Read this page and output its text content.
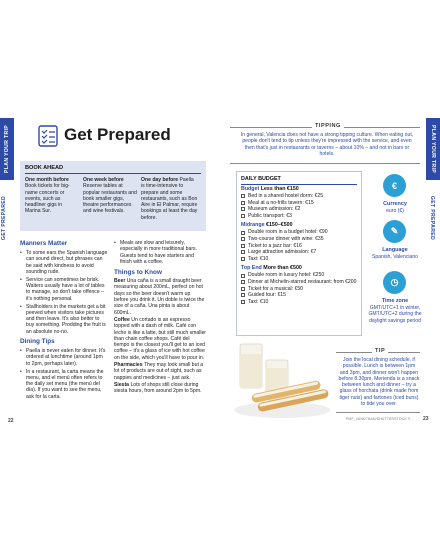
PLAN YOUR TRIP
GET PREPARED
Get Prepared
BOOK AHEAD
One month before
Book tickets for big-name concerts or events, such as headliner gigs in Marina Sur.
One week before
Reserve tables at popular restaurants and book smaller gigs, theatre performances and wine festivals.
One day before Paella
is time-intensive to prepare and some restaurants, such as Bon Aire in El Palmar, require bookings at least the day before.
Manners Matter
• To some ears the Spanish language can sound direct, but phrases can be said with kindness to avoid sounding rude.
• Service can sometimes be brisk. Waiters usually have a lot of tables to manage, so don't take offence – it's nothing personal.
• Stallholders in the markets get a bit peeved when visitors take pictures and then leave. It's also better to buy something. Prodding the fruit is an absolute no-no.
Dining Tips
• Paella is never eaten for dinner. It's ordered at lunchtime (around 1pm to 2pm, perhaps later).
• In a restaurant, la carta means the menu, and el menú often refers to the daily set menu (the menú del día). If you want to see the menu, ask for la carta.
• Meals are slow and leisurely, especially in more traditional bars. Guests tend to have starters and finish with a coffee.
Things to Know
Beer Una caña is a small draught beer measuring about 200mL, perfect on hot days so the beer doesn't warm up before you drink it. Un doble is twice the size of a caña. Una pinta is about 600mL.
Coffee Un cortado is an espresso topped with a dash of milk. Café con leche is like a latte, but still much smaller than chain coffee shops. Café del tiempo is the closest you'll get to an iced coffee – it's a glass of ice with hot coffee on the side, which you'll have to pour in.
Pharmacies They may look small but a lot of products are out of sight, such as nappies and medicines – just ask.
Siesta Lots of shops still close during siesta hours, from around 2pm to 5pm.
22
PLAN YOUR TRIP
GET PREPARED
TIPPING
In general, Valencia does not have a strong tipping culture. When eating out, people don't tend to tip unless they're impressed with the service, and even then that's just in restaurants or taverns – about 10% – and not in bars or hotels.
DAILY BUDGET
Budget Less than €150
Bed in a shared hostel dorm: €25
Meal at a no-frills tavern: €15
Museum admission: €2
Public transport: €3
Midrange €150–€500
Double room in a budget hotel: €90
Two-course dinner with wine: €35
Ticket to a jazz bar: €16
Large attraction admission: €7
Taxi: €10
Top End More than €500
Double room in luxury hotel: €250
Dinner at Michelin-starred restaurant: from €200
Ticket for a musical: €50
Guided tour: €15
Taxi: €10
€
Currency
euro (€)
✎
Language
Spanish, Valenciano
◷
Time zone
GMT/UTC+1 in winter, GMT/UTC+2 during the daylight savings period
TIP
Join the local dining schedule, if possible. Lunch is between 1pm and 3pm, and dinner won't happen before 8.30pm. Merienda is a snack between lunch and dinner – try a glass of horchata (drink made from tiger nuts) and fartones (iced buns) to tide you over.
PMF_VAND7NAN/SHUTTERSTOCK © 23
